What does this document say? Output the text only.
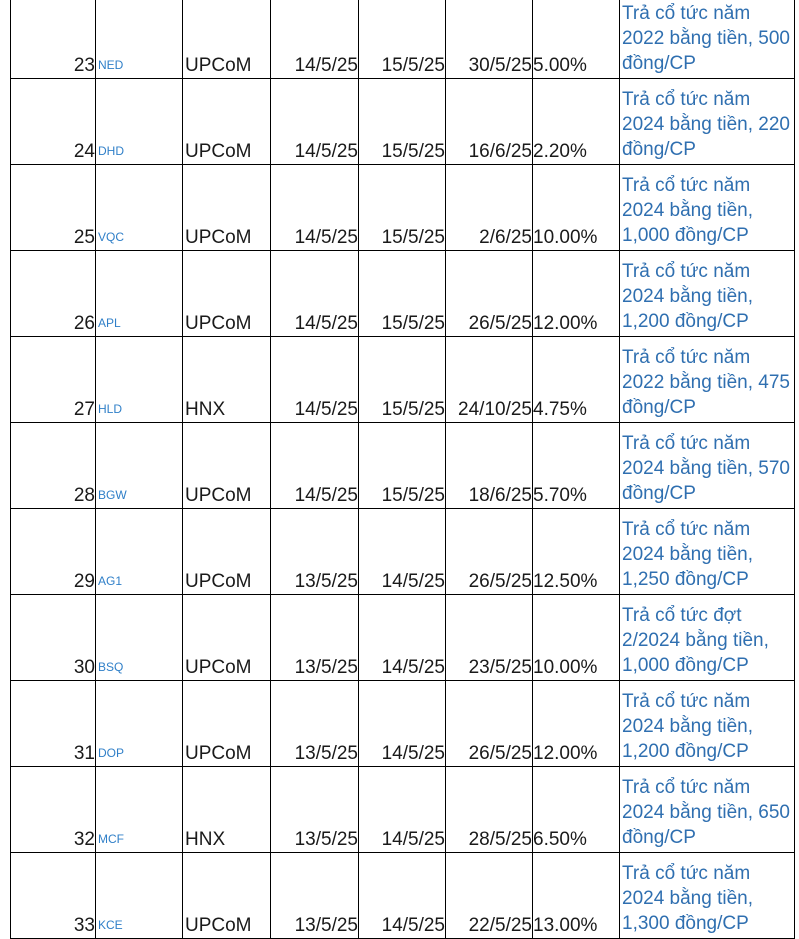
23	NED	UPCoM	14/5/25	15/5/25	30/5/25	5.00%	Trả cổ tức năm 2022 bằng tiền, 500 đồng/CP
24	DHD	UPCoM	14/5/25	15/5/25	16/6/25	2.20%	Trả cổ tức năm 2024 bằng tiền, 220 đồng/CP
25	VQC	UPCoM	14/5/25	15/5/25	2/6/25	10.00%	Trả cổ tức năm 2024 bằng tiền, 1,000 đồng/CP
26	APL	UPCoM	14/5/25	15/5/25	26/5/25	12.00%	Trả cổ tức năm 2024 bằng tiền, 1,200 đồng/CP
27	HLD	HNX	14/5/25	15/5/25	24/10/25	4.75%	Trả cổ tức năm 2022 bằng tiền, 475 đồng/CP
28	BGW	UPCoM	14/5/25	15/5/25	18/6/25	5.70%	Trả cổ tức năm 2024 bằng tiền, 570 đồng/CP
29	AG1	UPCoM	13/5/25	14/5/25	26/5/25	12.50%	Trả cổ tức năm 2024 bằng tiền, 1,250 đồng/CP
30	BSQ	UPCoM	13/5/25	14/5/25	23/5/25	10.00%	Trả cổ tức đợt 2/2024 bằng tiền, 1,000 đồng/CP
31	DOP	UPCoM	13/5/25	14/5/25	26/5/25	12.00%	Trả cổ tức năm 2024 bằng tiền, 1,200 đồng/CP
32	MCF	HNX	13/5/25	14/5/25	28/5/25	6.50%	Trả cổ tức năm 2024 bằng tiền, 650 đồng/CP
33	KCE	UPCoM	13/5/25	14/5/25	22/5/25	13.00%	Trả cổ tức năm 2024 bằng tiền, 1,300 đồng/CP
